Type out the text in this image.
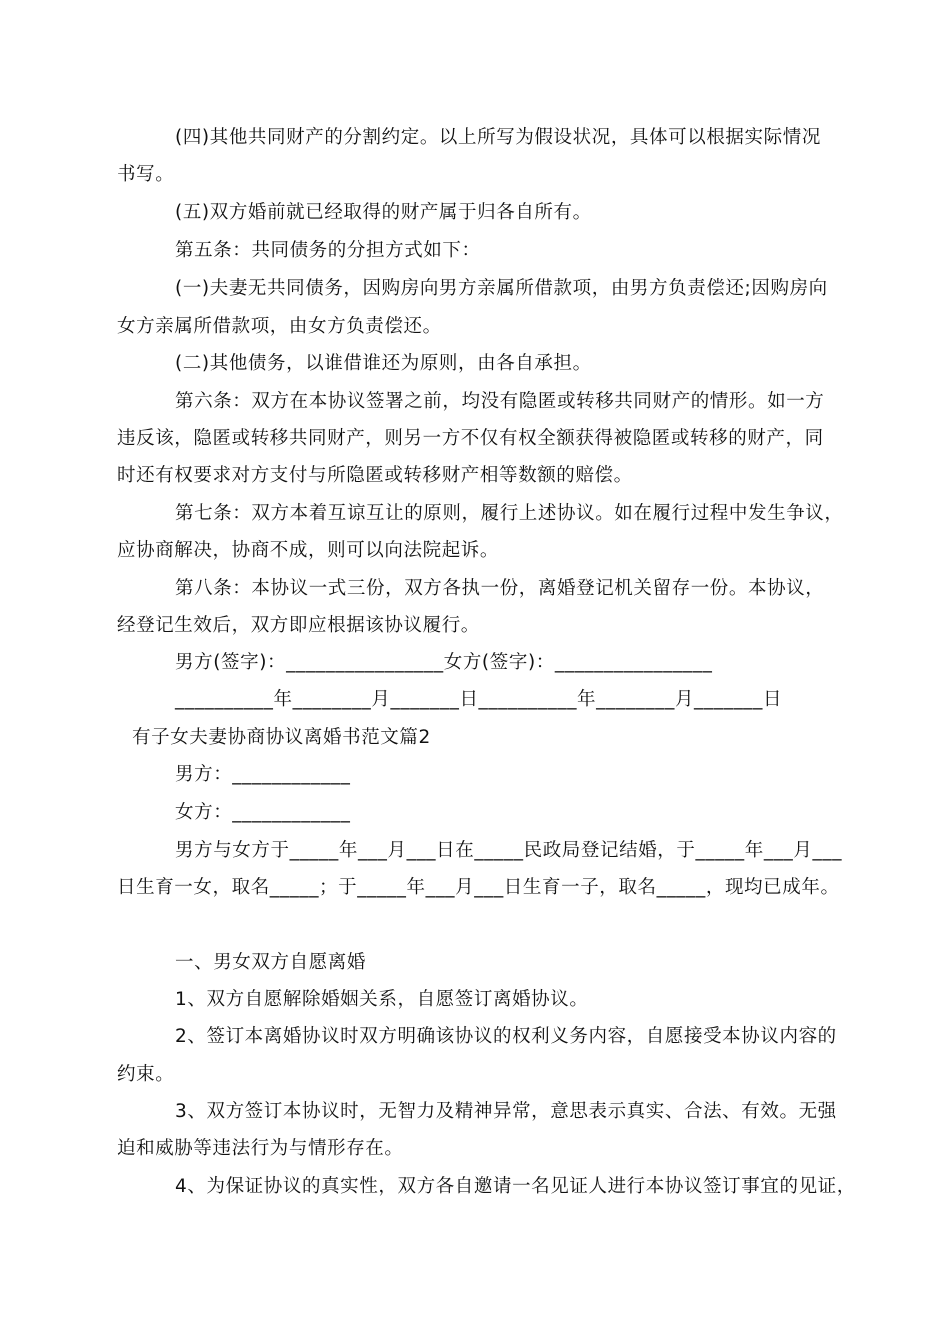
(四)其他共同财产的分割约定。以上所写为假设状况，具体可以根据实际情况
书写。
(五)双方婚前就已经取得的财产属于归各自所有。
第五条：共同债务的分担方式如下：
(一)夫妻无共同债务，因购房向男方亲属所借款项，由男方负责偿还;因购房向
女方亲属所借款项，由女方负责偿还。
(二)其他债务，以谁借谁还为原则，由各自承担。
第六条：双方在本协议签署之前，均没有隐匿或转移共同财产的情形。如一方
违反该，隐匿或转移共同财产，则另一方不仅有权全额获得被隐匿或转移的财产，同
时还有权要求对方支付与所隐匿或转移财产相等数额的赔偿。
第七条：双方本着互谅互让的原则，履行上述协议。如在履行过程中发生争议，
应协商解决，协商不成，则可以向法院起诉。
第八条：本协议一式三份，双方各执一份，离婚登记机关留存一份。本协议，
经登记生效后，双方即应根据该协议履行。
男方(签字)：________________女方(签字)：________________
__________年________月_______日__________年________月_______日
有子女夫妻协商协议离婚书范文篇2
男方：____________
女方：____________
男方与女方于_____年___月___日在_____民政局登记结婚，于_____年___月___
日生育一女，取名_____；于_____年___月___日生育一子，取名_____，现均已成年。
一、男女双方自愿离婚
1、双方自愿解除婚姻关系，自愿签订离婚协议。
2、签订本离婚协议时双方明确该协议的权利义务内容，自愿接受本协议内容的
约束。
3、双方签订本协议时，无智力及精神异常，意思表示真实、合法、有效。无强
迫和威胁等违法行为与情形存在。
4、为保证协议的真实性，双方各自邀请一名见证人进行本协议签订事宜的见证，
